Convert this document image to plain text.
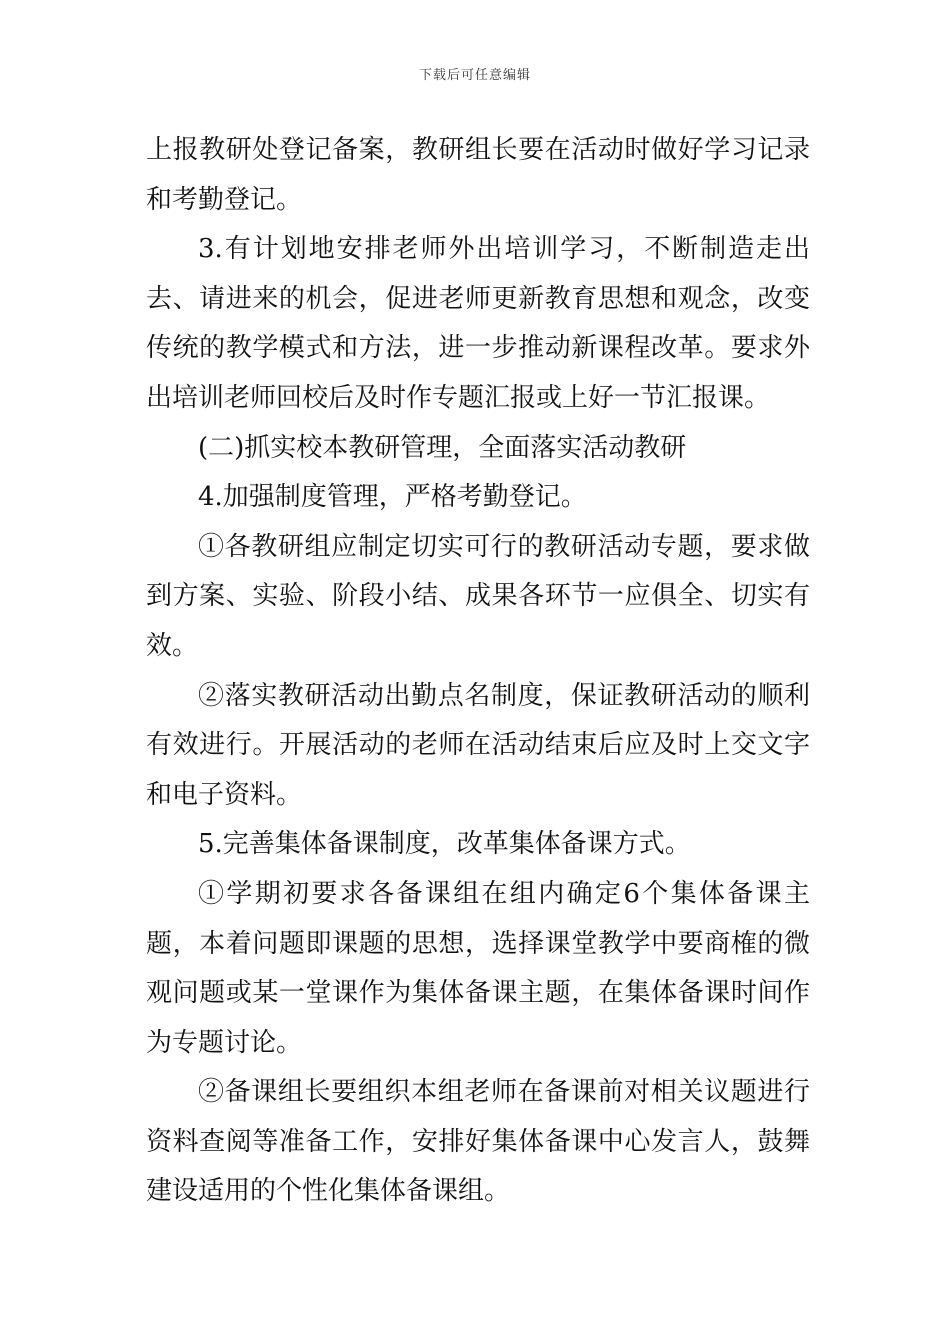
下载后可任意编辑

上报教研处登记备案，教研组长要在活动时做好学习记录和考勤登记。

3.有计划地安排老师外出培训学习，不断制造走出去、请进来的机会，促进老师更新教育思想和观念，改变传统的教学模式和方法，进一步推动新课程改革。要求外出培训老师回校后及时作专题汇报或上好一节汇报课。

(二)抓实校本教研管理，全面落实活动教研

4.加强制度管理，严格考勤登记。

①各教研组应制定切实可行的教研活动专题，要求做到方案、实验、阶段小结、成果各环节一应俱全、切实有效。

②落实教研活动出勤点名制度，保证教研活动的顺利有效进行。开展活动的老师在活动结束后应及时上交文字和电子资料。

5.完善集体备课制度，改革集体备课方式。

①学期初要求各备课组在组内确定6个集体备课主题，本着问题即课题的思想，选择课堂教学中要商榷的微观问题或某一堂课作为集体备课主题，在集体备课时间作为专题讨论。

②备课组长要组织本组老师在备课前对相关议题进行资料查阅等准备工作，安排好集体备课中心发言人，鼓舞建设适用的个性化集体备课组。
